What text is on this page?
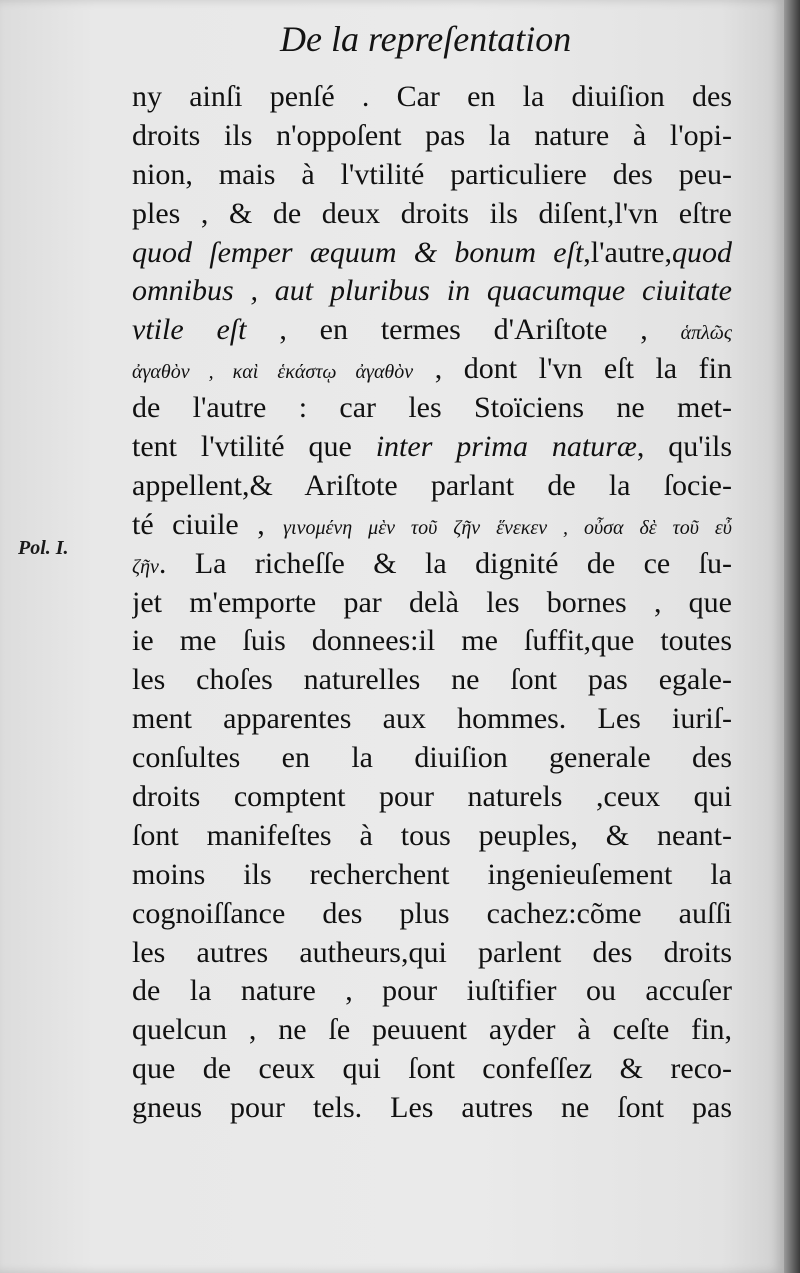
De la repreſentation
Pol. I.
ny ainſi penſé . Car en la diuiſion des
droits ils n'oppoſent pas la nature à l'opi-
nion, mais à l'vtilité particuliere des peu-
ples , & de deux droits ils diſent,l'vn eſtre
quod ſemper æquum & bonum eſt,l'autre,quod
omnibus , aut pluribus in quacumque ciuitate
vtile eſt , en termes d'Ariſtote , ἁπλῶς
ἀγαθὸν , καὶ ἑκάστῳ ἀγαθὸν , dont l'vn eſt la fin
de l'autre : car les Stoïciens ne met-
tent l'vtilité que inter prima naturæ, qu'ils
appellent,& Ariſtote parlant de la ſocie-
té ciuile , γινομένη μὲν τοῦ ζῆν ἕνεκεν , οὖσα δὲ τοῦ εὖ
ζῆν. La richeſſe & la dignité de ce ſu-
jet m'emporte par delà les bornes , que
ie me ſuis donnees:il me ſuffit,que toutes
les choſes naturelles ne ſont pas egale-
ment apparentes aux hommes. Les iuriſ-
conſultes en la diuiſion generale des
droits comptent pour naturels ,ceux qui
ſont manifeſtes à tous peuples, & neant-
moins ils recherchent ingenieuſement la
cognoiſſance des plus cachez:cõme auſſi
les autres autheurs,qui parlent des droits
de la nature , pour iuſtifier ou accuſer
quelcun , ne ſe peuuent ayder à ceſte fin,
que de ceux qui ſont confeſſez & reco-
gneus pour tels. Les autres ne ſont pas
